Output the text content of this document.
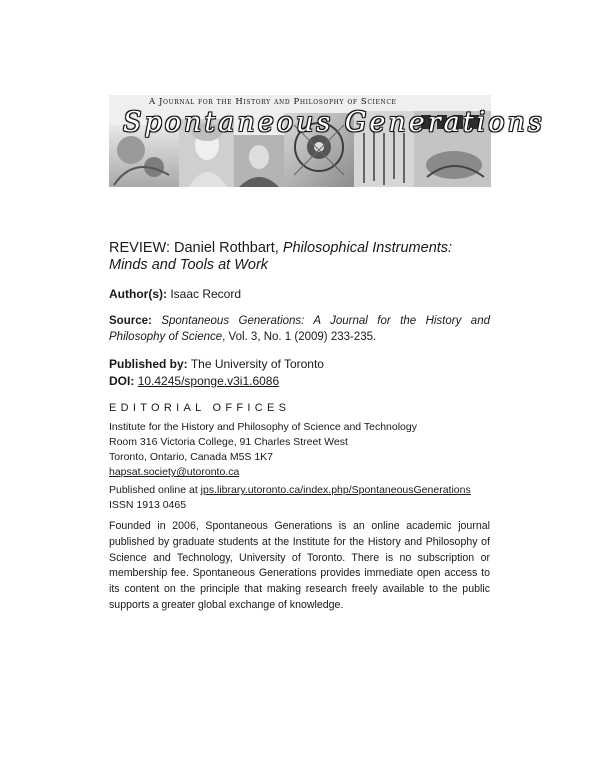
A Journal for the History and Philosophy of Science
Spontaneous Generations
REVIEW: Daniel Rothbart, Philosophical Instruments: Minds and Tools at Work
Author(s): Isaac Record
Source: Spontaneous Generations: A Journal for the History and Philosophy of Science, Vol. 3, No. 1 (2009) 233-235.
Published by: The University of Toronto
DOI: 10.4245/sponge.v3i1.6086
EDITORIAL OFFICES
Institute for the History and Philosophy of Science and Technology
Room 316 Victoria College, 91 Charles Street West
Toronto, Ontario, Canada M5S 1K7
hapsat.society@utoronto.ca
Published online at jps.library.utoronto.ca/index.php/SpontaneousGenerations
ISSN 1913 0465
Founded in 2006, Spontaneous Generations is an online academic journal published by graduate students at the Institute for the History and Philosophy of Science and Technology, University of Toronto. There is no subscription or membership fee. Spontaneous Generations provides immediate open access to its content on the principle that making research freely available to the public supports a greater global exchange of knowledge.
